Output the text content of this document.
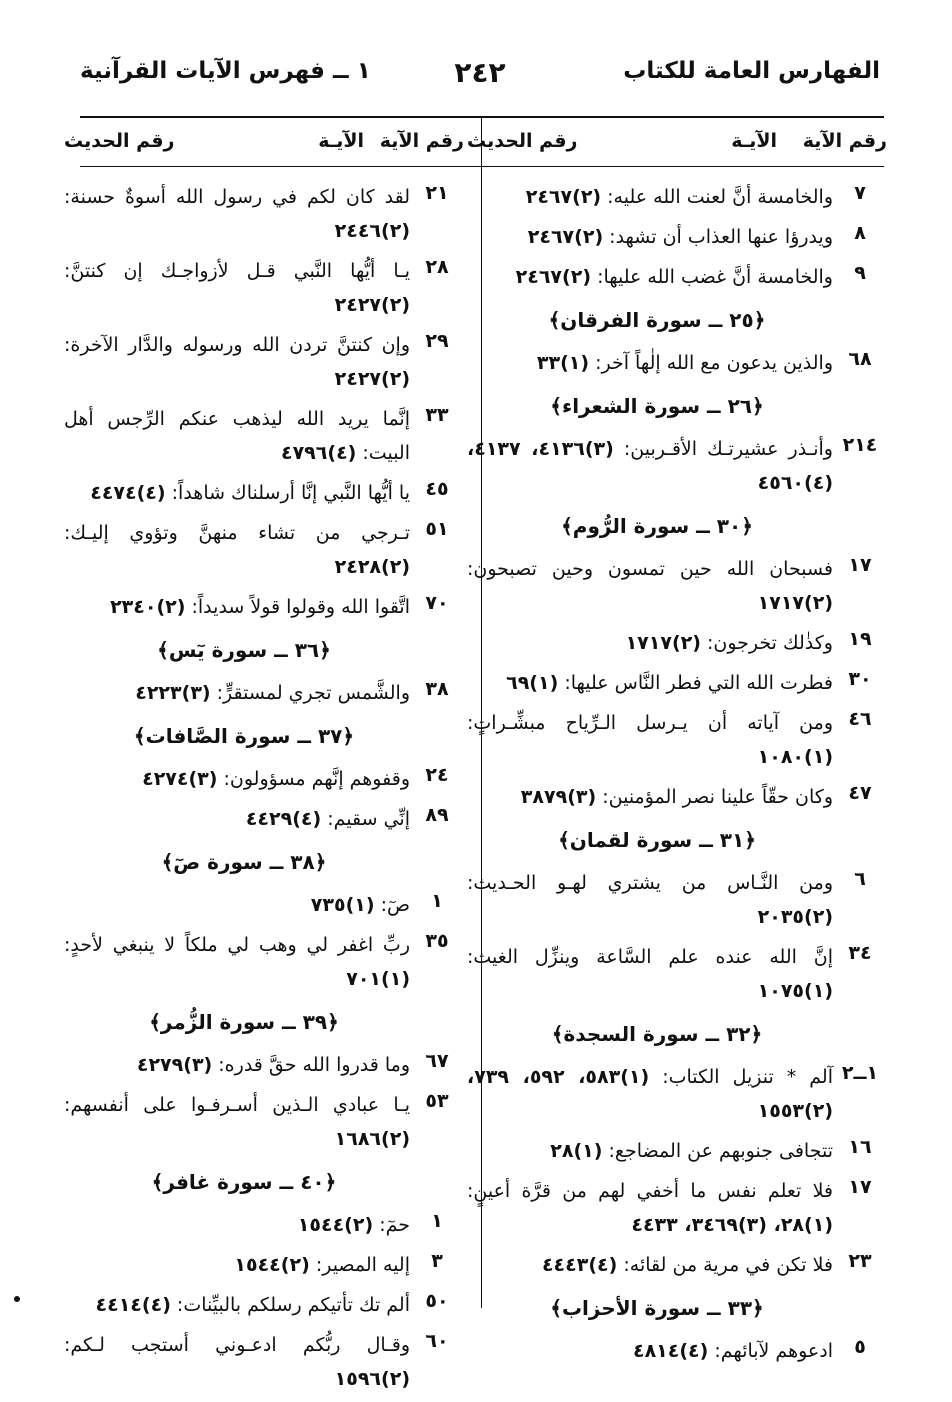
الفهارس العامة للكتاب
٢٤٢
١ ــ فهرس الآيات القرآنية
رقم الآية
الآيـة
رقم الحديث
٧
والخامسة أنَّ لعنت الله عليه: (٢)٢٤٦٧
٨
ويدرؤا عنها العذاب أن تشهد: (٢)٢٤٦٧
٩
والخامسة أنَّ غضب الله عليها: (٢)٢٤٦٧
﴿٢٥ ــ سورة الفرقان﴾
٦٨
والذين يدعون مع الله إلٰهاً آخر: (١)٣٣
﴿٢٦ ــ سورة الشعراء﴾
٢١٤
وأنـذر عشيرتـك الأقـربين: (٣)٤١٣٦، ٤١٣٧، (٤)٤٥٦٠
﴿٣٠ ــ سورة الرُّوم﴾
١٧
فسبحان الله حين تمسون وحين تصبحون: (٢)١٧١٧
١٩
وكذٰلك تخرجون: (٢)١٧١٧
٣٠
فطرت الله التي فطر النَّاس عليها: (١)٦٩
٤٦
ومن آياته أن يـرسل الـرِّياح مبشِّـراتٍ: (١)١٠٨٠
٤٧
وكان حقّاً علينا نصر المؤمنين: (٣)٣٨٧٩
﴿٣١ ــ سورة لقمان﴾
٦
ومن النَّـاس من يشتري لهـو الحـديث: (٢)٢٠٣٥
٣٤
إنَّ الله عنده علم السَّاعة وينزِّل الغيث: (١)١٠٧٥
﴿٣٢ ــ سورة السجدة﴾
١ــ٢
آلم * تنزيل الكتاب: (١)٥٨٣، ٥٩٢، ٧٣٩، (٢)١٥٥٣
١٦
تتجافى جنوبهم عن المضاجع: (١)٢٨
١٧
فلا تعلم نفس ما أخفي لهم من قرَّة أعينٍ: (١)٢٨، (٣)٣٤٦٩، ٤٤٣٣
٢٣
فلا تكن في مرية من لقائه: (٤)٤٤٤٣
﴿٣٣ ــ سورة الأحزاب﴾
٥
ادعوهم لآبائهم: (٤)٤٨١٤
رقم الآية
الآيـة
رقم الحديث
٢١
لقد كان لكم في رسول الله أسوةٌ حسنة: (٢)٢٤٤٦
٢٨
يـا أيُّها النَّبي قـل لأزواجـك إن كنتنَّ: (٢)٢٤٢٧
٢٩
وإن كنتنَّ تردن الله ورسوله والدَّار الآخرة: (٢)٢٤٢٧
٣٣
إنَّما يريد الله ليذهب عنكم الرِّجس أهل البيت: (٤)٤٧٩٦
٤٥
يا أيُّها النَّبي إنَّا أرسلناك شاهداً: (٤)٤٤٧٤
٥١
تـرجي من تشاء منهنَّ وتؤوي إليـك: (٢)٢٤٢٨
٧٠
اتَّقوا الله وقولوا قولاً سديداً: (٢)٢٣٤٠
﴿٣٦ ــ سورة يٓس﴾
٣٨
والشَّمس تجري لمستقرٍّ: (٣)٤٢٢٣
﴿٣٧ ــ سورة الصَّافات﴾
٢٤
وقفوهم إنَّهم مسؤولون: (٣)٤٢٧٤
٨٩
إنِّي سقيم: (٤)٤٤٢٩
﴿٣٨ ــ سورة صٓ﴾
١
صٓ: (١)٧٣٥
٣٥
ربِّ اغفر لي وهب لي ملكاً لا ينبغي لأحدٍ: (١)٧٠١
﴿٣٩ ــ سورة الزُّمر﴾
٦٧
وما قدروا الله حقَّ قدره: (٣)٤٢٧٩
٥٣
يـا عبادي الـذين أسـرفـوا على أنفسهم: (٢)١٦٨٦
﴿٤٠ ــ سورة غافر﴾
١
حمٓ: (٢)١٥٤٤
٣
إليه المصير: (٢)١٥٤٤
٥٠
ألم تك تأتيكم رسلكم بالبيِّنات: (٤)٤٤١٤
٦٠
وقـال ربُّكم ادعـوني أستجب لـكم: (٢)١٥٩٦
